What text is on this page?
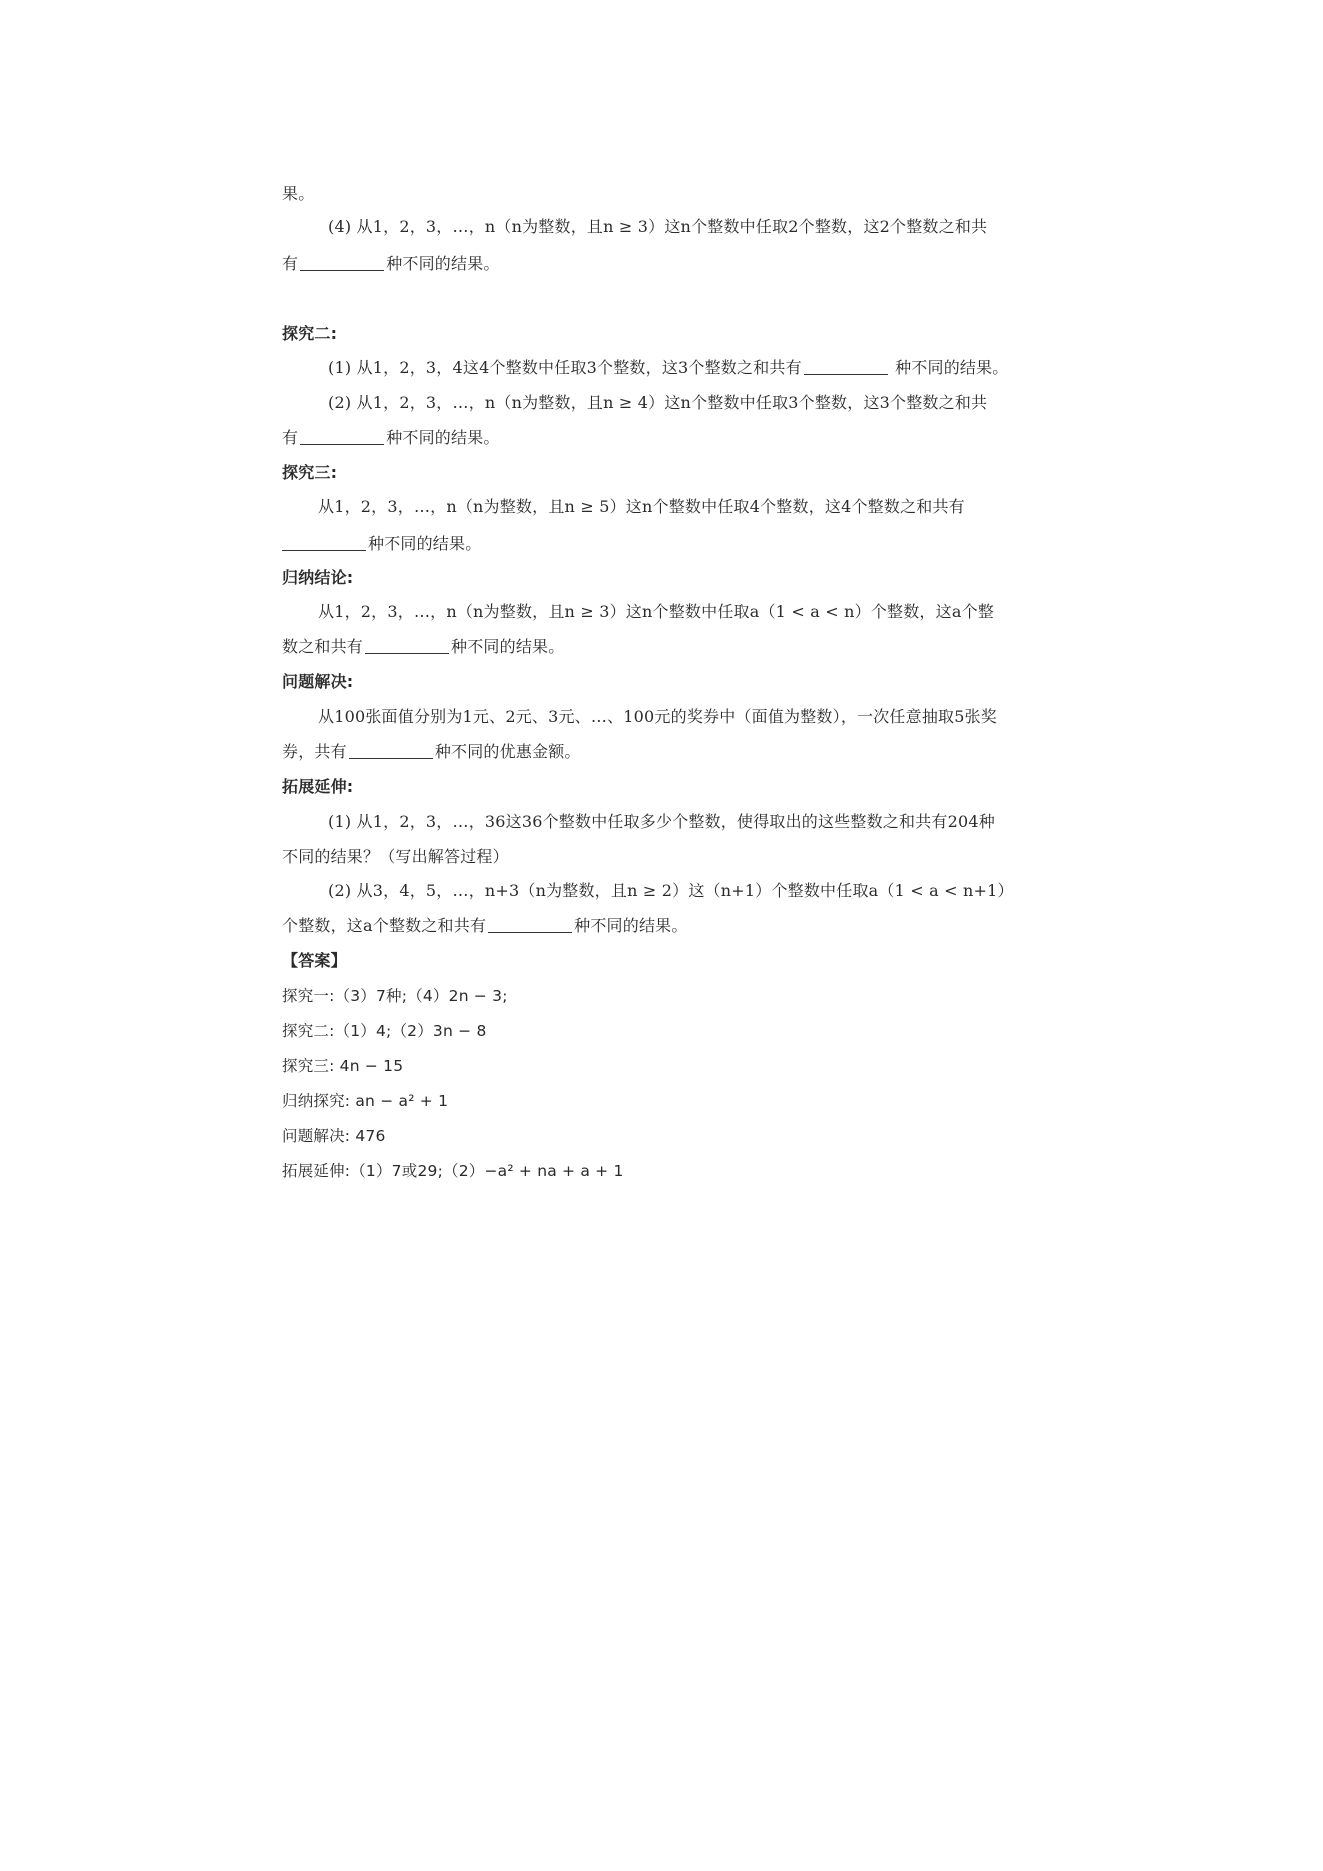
果。
(4) 从1，2，3，…，n（n为整数，且n ≥ 3）这n个整数中任取2个整数，这2个整数之和共
有	种不同的结果。
探究二:
(1) 从1，2，3，4这4个整数中任取3个整数，这3个整数之和共有	种不同的结果。
(2) 从1，2，3，…，n（n为整数，且n ≥ 4）这n个整数中任取3个整数，这3个整数之和共
有	种不同的结果。
探究三:
从1，2，3，…，n（n为整数，且n ≥ 5）这n个整数中任取4个整数，这4个整数之和共有
种不同的结果。
归纳结论:
从1，2，3，…，n（n为整数，且n ≥ 3）这n个整数中任取a（1 < a < n）个整数，这a个整
数之和共有	种不同的结果。
问题解决:
从100张面值分别为1元、2元、3元、…、100元的奖券中（面值为整数），一次任意抽取5张奖
券，共有	种不同的优惠金额。
拓展延伸:
(1) 从1，2，3，…，36这36个整数中任取多少个整数，使得取出的这些整数之和共有204种
不同的结果？（写出解答过程）
(2) 从3，4，5，…，n+3（n为整数，且n ≥ 2）这（n+1）个整数中任取a（1 < a < n+1）
个整数，这a个整数之和共有	种不同的结果。
【答案】
探究一:（3）7种;（4）2n − 3;
探究二:（1）4;（2）3n − 8
探究三: 4n − 15
归纳探究: an − a² + 1
问题解决: 476
拓展延伸:（1）7或29;（2）−a² + na + a + 1
